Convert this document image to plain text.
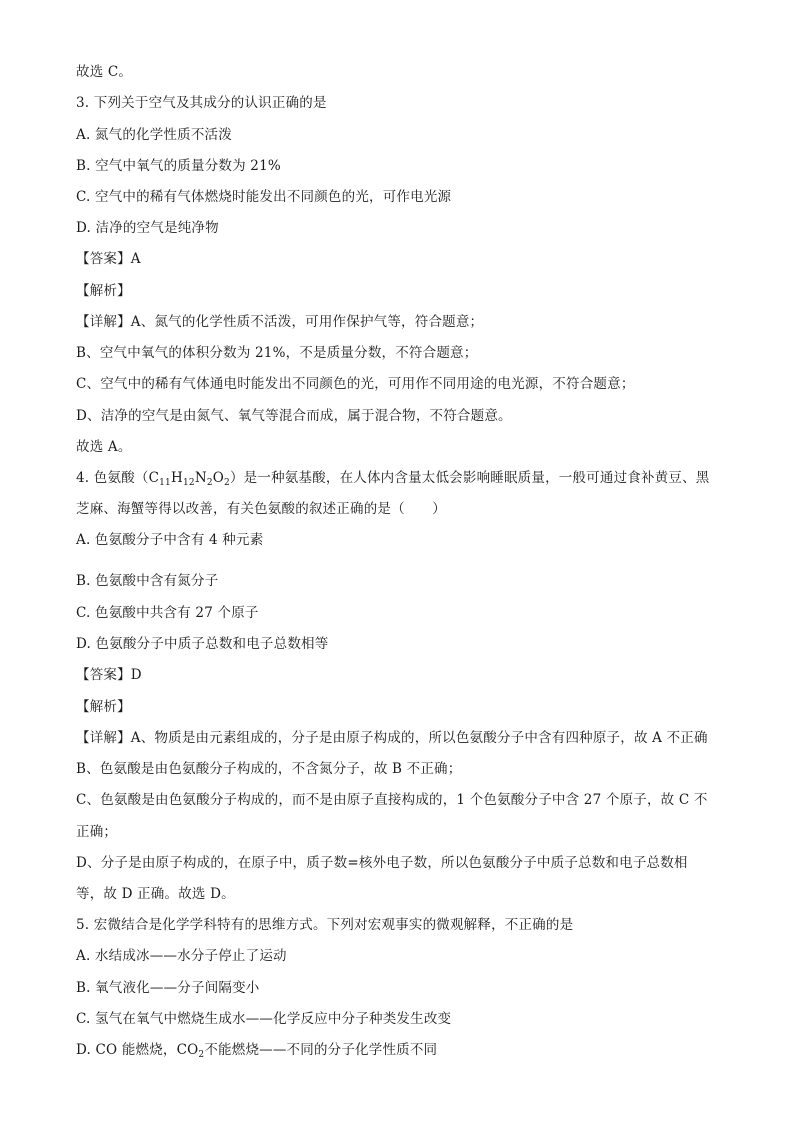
故选 C。
3. 下列关于空气及其成分的认识正确的是
A. 氮气的化学性质不活泼
B. 空气中氧气的质量分数为 21%
C. 空气中的稀有气体燃烧时能发出不同颜色的光，可作电光源
D. 洁净的空气是纯净物
【答案】A
【解析】
【详解】A、氮气的化学性质不活泼，可用作保护气等，符合题意；
B、空气中氧气的体积分数为 21%，不是质量分数，不符合题意；
C、空气中的稀有气体通电时能发出不同颜色的光，可用作不同用途的电光源，不符合题意；
D、洁净的空气是由氮气、氧气等混合而成，属于混合物，不符合题意。
故选 A。
4. 色氨酸$(C_{11}H_{12}N_2O_2)$是一种氨基酸，在人体内含量太低会影响睡眠质量，一般可通过食补黄豆、黑
芝麻、海蟹等得以改善，有关色氨酸的叙述正确的是（　　）
A. 色氨酸分子中含有 4 种元素
B. 色氨酸中含有氮分子
C. 色氨酸中共含有 27 个原子
D. 色氨酸分子中质子总数和电子总数相等
【答案】D
【解析】
【详解】A、物质是由元素组成的，分子是由原子构成的，所以色氨酸分子中含有四种原子，故 A 不正确
B、色氨酸是由色氨酸分子构成的，不含氮分子，故 B 不正确；
C、色氨酸是由色氨酸分子构成的，而不是由原子直接构成的，1 个色氨酸分子中含 27 个原子，故 C 不
正确；
D、分子是由原子构成的，在原子中，质子数=核外电子数，所以色氨酸分子中质子总数和电子总数相
等，故 D 正确。故选 D。
5. 宏微结合是化学学科特有的思维方式。下列对宏观事实的微观解释，不正确的是
A. 水结成冰——水分子停止了运动
B. 氧气液化——分子间隔变小
C. 氢气在氧气中燃烧生成水——化学反应中分子种类发生改变
D. CO 能燃烧，$CO_2$不能燃烧——不同的分子化学性质不同
